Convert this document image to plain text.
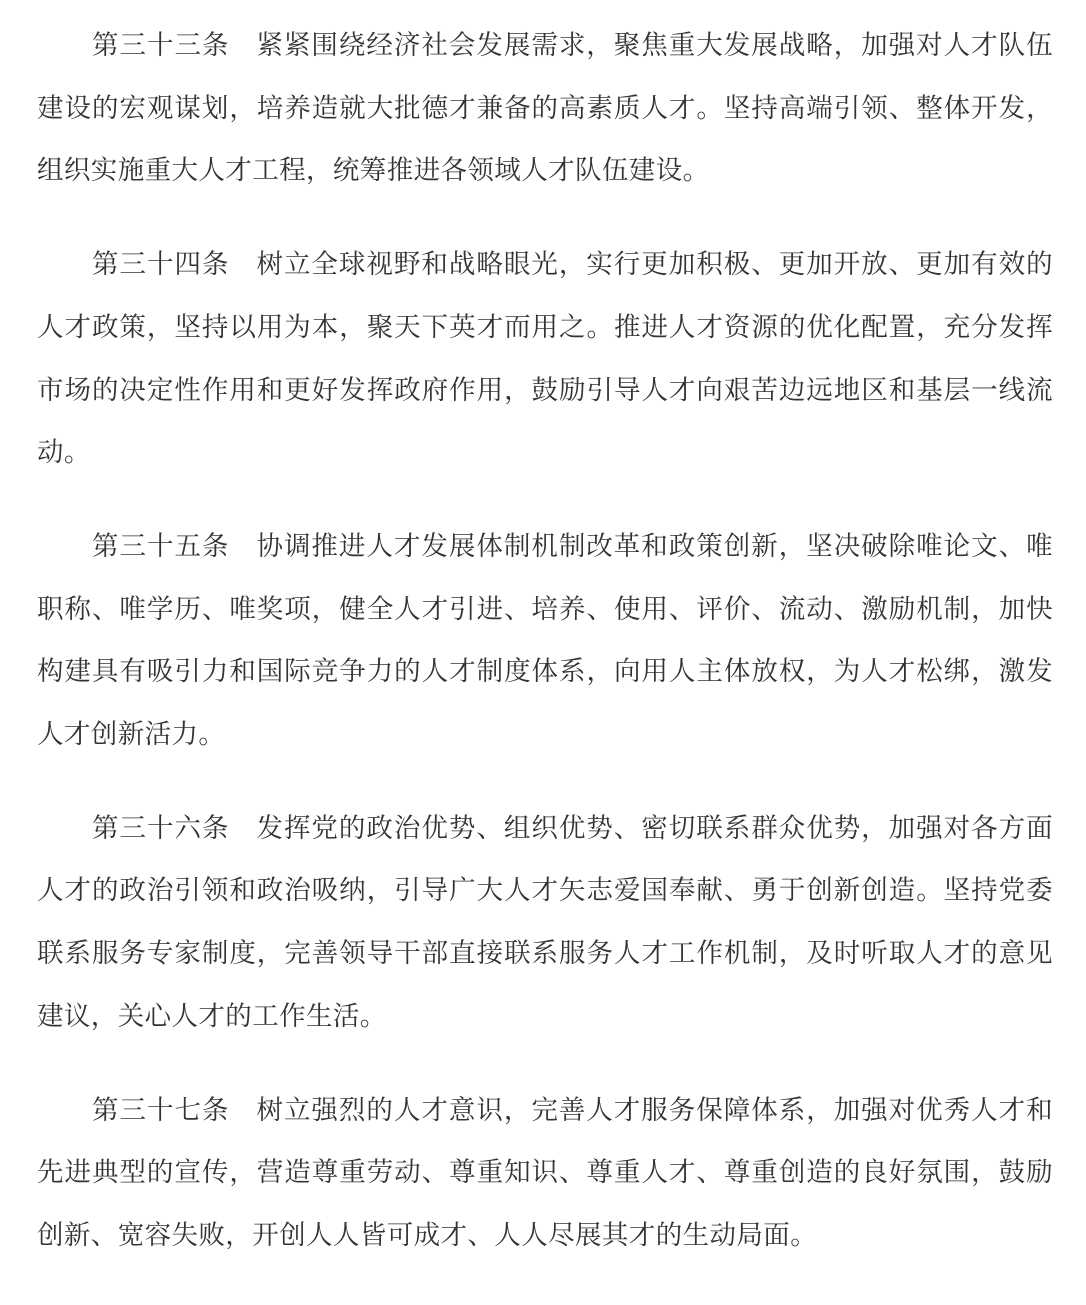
第三十三条 紧紧围绕经济社会发展需求，聚焦重大发展战略，加强对人才队伍建设的宏观谋划，培养造就大批德才兼备的高素质人才。坚持高端引领、整体开发，组织实施重大人才工程，统筹推进各领域人才队伍建设。

第三十四条 树立全球视野和战略眼光，实行更加积极、更加开放、更加有效的人才政策，坚持以用为本，聚天下英才而用之。推进人才资源的优化配置，充分发挥市场的决定性作用和更好发挥政府作用，鼓励引导人才向艰苦边远地区和基层一线流动。

第三十五条 协调推进人才发展体制机制改革和政策创新，坚决破除唯论文、唯职称、唯学历、唯奖项，健全人才引进、培养、使用、评价、流动、激励机制，加快构建具有吸引力和国际竞争力的人才制度体系，向用人主体放权，为人才松绑，激发人才创新活力。

第三十六条 发挥党的政治优势、组织优势、密切联系群众优势，加强对各方面人才的政治引领和政治吸纳，引导广大人才矢志爱国奉献、勇于创新创造。坚持党委联系服务专家制度，完善领导干部直接联系服务人才工作机制，及时听取人才的意见建议，关心人才的工作生活。

第三十七条 树立强烈的人才意识，完善人才服务保障体系，加强对优秀人才和先进典型的宣传，营造尊重劳动、尊重知识、尊重人才、尊重创造的良好氛围，鼓励创新、宽容失败，开创人人皆可成才、人人尽展其才的生动局面。
